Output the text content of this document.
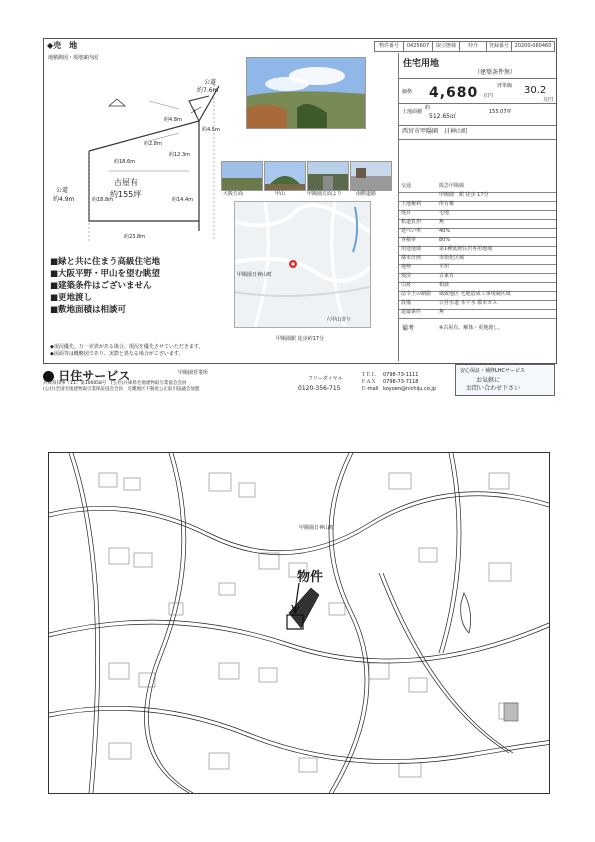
◆売　地
地積測図・現地案内図
公道
約7.6m
約4.8m
約2.8m
約18.6m
約12.3m
約18.8m	約14.4m
約23.8m
約4.5m
公道
約4.9m
古屋有
約155坪
■緑と共に住まう高級住宅地
■大阪平野・甲山を望む眺望
■建築条件はございません
■更地渡し
■敷地面積は相談可
大阪方面	甲山	甲陽園方面より	南側道路
甲陽園日神山町
六甲山寄り
◆現況優先。万一差異がある場合、現況を優先させていただきます。
◆図面等は概略図であり、実際と異なる場合がございます。
甲陽園駅 徒歩約17分
物件番号	0425607	取引態様	仲介	登録番号	20200-060460
住宅用地
（建築条件無）
価格 4,680 万円
坪単価 30.2
万円
土地面積
約
512.65㎡
155.07坪
西宮市甲陽園　日神山町
交通	阪急甲陽線
甲陽園　駅 徒歩 17分
土地権利	所有権
地目	宅地
私道負担	無
建ぺい率	40%
容積率	80%
用途地域	第1種低層住居専用地域
都市計画	市街化区域
地勢	平坦
現況	古家有
引渡	相談
法令上の制限 風致地区 宅地造成工事規制区域
設備	公営水道 本下水 都市ガス
建築条件	無
備考	※古屋有。解体・更地渡し。
日住サービス	甲陽園営業所
兵庫県知事（11）第100058号　(公社)兵庫県宅地建物取引業協会会員
(公社)全国宅地建物取引業保証協会会員　近畿地区不動産公正取引協議会加盟
フリーダイヤル
0120-356-715
ＴＥＬ 0798-73-1111
ＦＡＸ 0798-73-7118
Ｅ-mail koyoen@nichiju.co.jp
安心保証・補修LHCサービス
お気軽に
お問い合わせ下さい
物件
甲陽園日神山町
